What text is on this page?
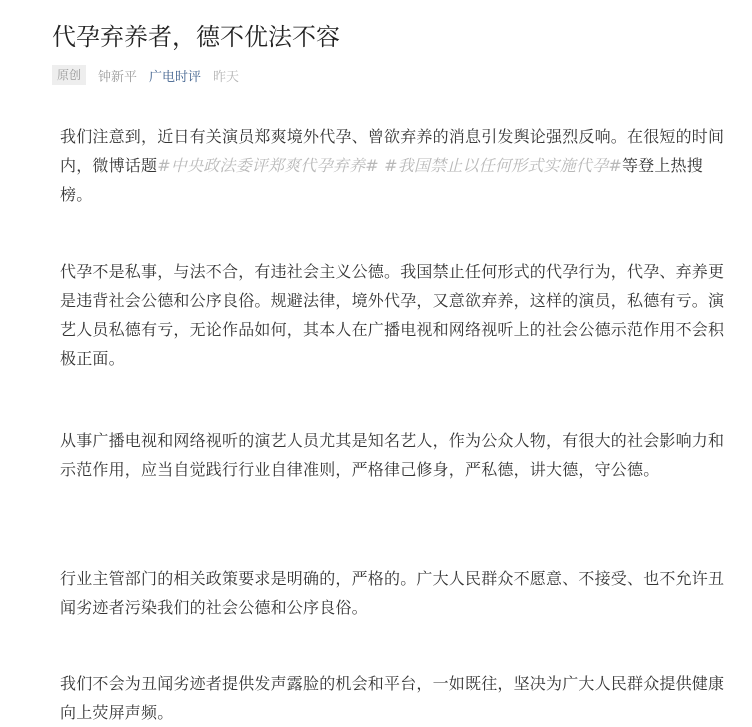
代孕弃养者，德不优法不容
原创	钟新平 广电时评 昨天

我们注意到，近日有关演员郑爽境外代孕、曾欲弃养的消息引发舆论强烈反响。在很短的时间内，微博话题#中央政法委评郑爽代孕弃养# #我国禁止以任何形式实施代孕#等登上热搜榜。

代孕不是私事，与法不合，有违社会主义公德。我国禁止任何形式的代孕行为，代孕、弃养更是违背社会公德和公序良俗。规避法律，境外代孕，又意欲弃养，这样的演员，私德有亏。演艺人员私德有亏，无论作品如何，其本人在广播电视和网络视听上的社会公德示范作用不会积极正面。

从事广播电视和网络视听的演艺人员尤其是知名艺人，作为公众人物，有很大的社会影响力和示范作用，应当自觉践行行业自律准则，严格律己修身，严私德，讲大德，守公德。

行业主管部门的相关政策要求是明确的，严格的。广大人民群众不愿意、不接受、也不允许丑闻劣迹者污染我们的社会公德和公序良俗。

我们不会为丑闻劣迹者提供发声露脸的机会和平台，一如既往，坚决为广大人民群众提供健康向上荧屏声频。
